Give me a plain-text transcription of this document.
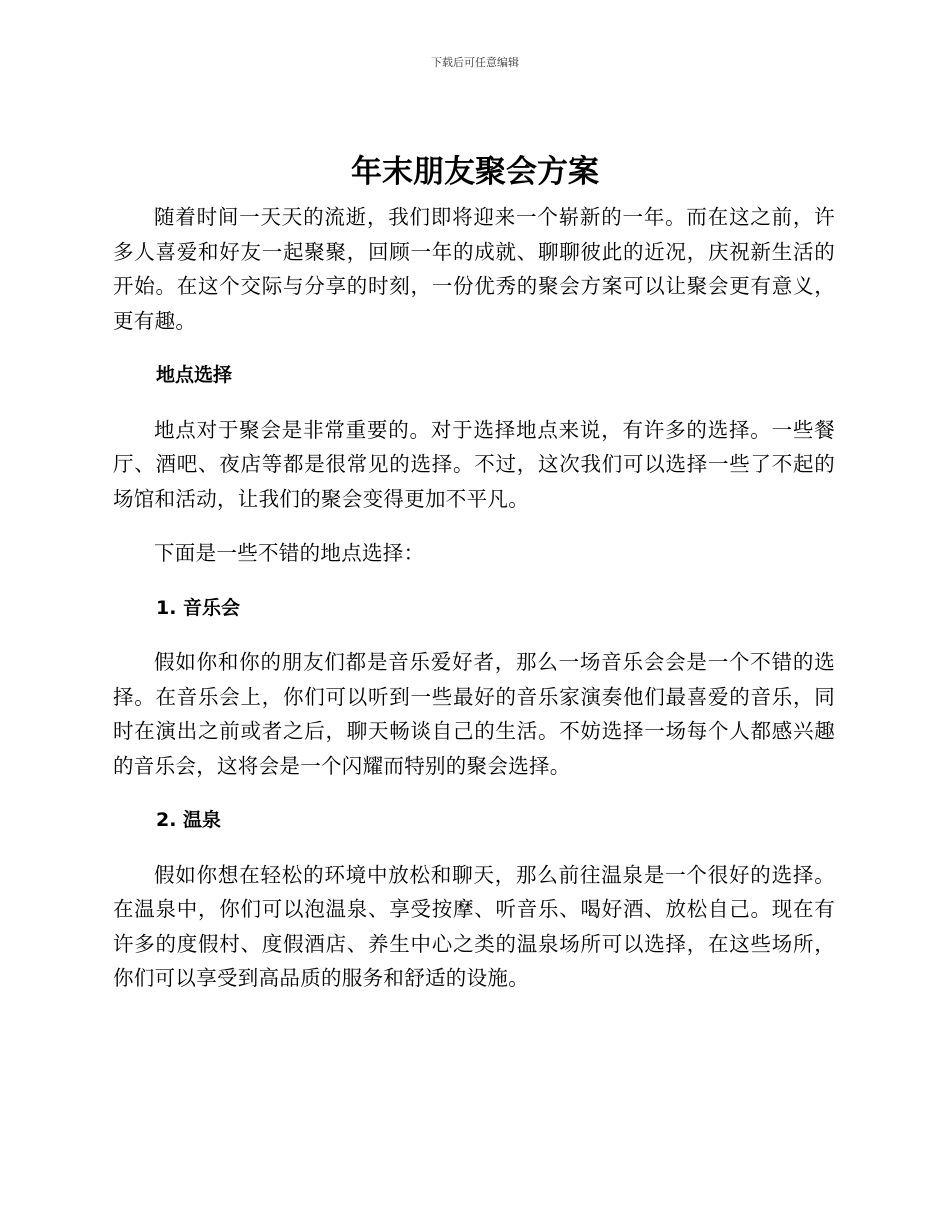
下载后可任意编辑
年末朋友聚会方案

随着时间一天天的流逝，我们即将迎来一个崭新的一年。而在这之前，许多人喜爱和好友一起聚聚，回顾一年的成就、聊聊彼此的近况，庆祝新生活的开始。在这个交际与分享的时刻，一份优秀的聚会方案可以让聚会更有意义，更有趣。

地点选择

地点对于聚会是非常重要的。对于选择地点来说，有许多的选择。一些餐厅、酒吧、夜店等都是很常见的选择。不过，这次我们可以选择一些了不起的场馆和活动，让我们的聚会变得更加不平凡。

下面是一些不错的地点选择：

1. 音乐会

假如你和你的朋友们都是音乐爱好者，那么一场音乐会会是一个不错的选择。在音乐会上，你们可以听到一些最好的音乐家演奏他们最喜爱的音乐，同时在演出之前或者之后，聊天畅谈自己的生活。不妨选择一场每个人都感兴趣的音乐会，这将会是一个闪耀而特别的聚会选择。

2. 温泉

假如你想在轻松的环境中放松和聊天，那么前往温泉是一个很好的选择。在温泉中，你们可以泡温泉、享受按摩、听音乐、喝好酒、放松自己。现在有许多的度假村、度假酒店、养生中心之类的温泉场所可以选择，在这些场所，你们可以享受到高品质的服务和舒适的设施。
